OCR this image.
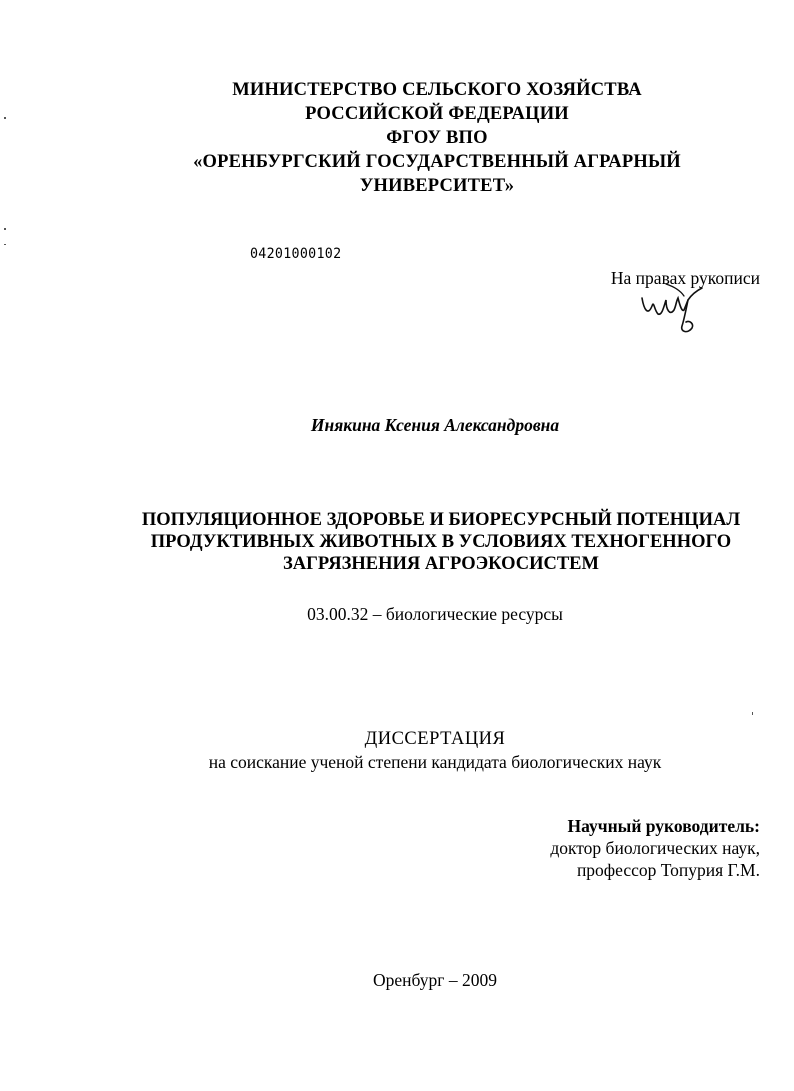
МИНИСТЕРСТВО СЕЛЬСКОГО ХОЗЯЙСТВА
РОССИЙСКОЙ ФЕДЕРАЦИИ
ФГОУ ВПО
«ОРЕНБУРГСКИЙ ГОСУДАРСТВЕННЫЙ АГРАРНЫЙ
УНИВЕРСИТЕТ»
04201000102
На правах рукописи
Инякина Ксения Александровна
ПОПУЛЯЦИОННОЕ ЗДОРОВЬЕ И БИОРЕСУРСНЫЙ ПОТЕНЦИАЛ
ПРОДУКТИВНЫХ ЖИВОТНЫХ В УСЛОВИЯХ ТЕХНОГЕННОГО
ЗАГРЯЗНЕНИЯ АГРОЭКОСИСТЕМ
03.00.32 – биологические ресурсы
ДИССЕРТАЦИЯ
на соискание ученой степени кандидата биологических наук
Научный руководитель:
доктор биологических наук,
профессор Топурия Г.М.
Оренбург – 2009
